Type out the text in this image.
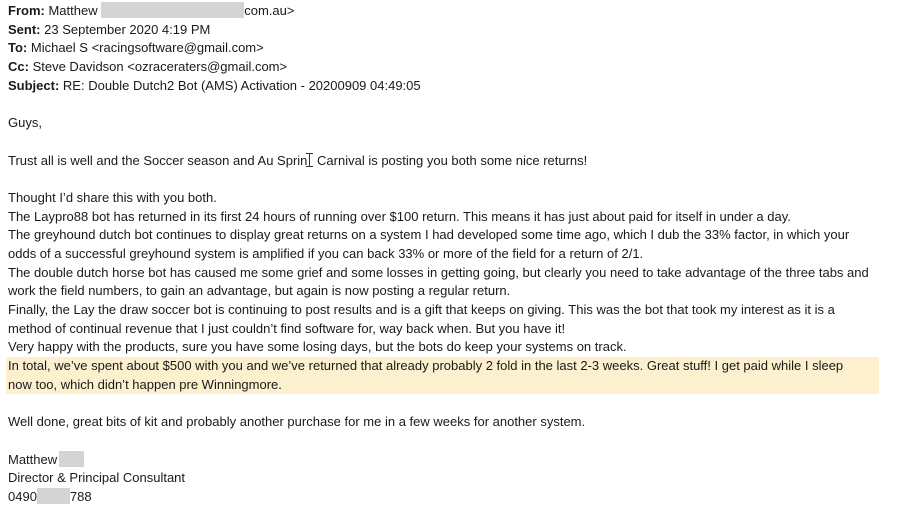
From: Matthew	com.au>
Sent: 23 September 2020 4:19 PM
To: Michael S <racingsoftware@gmail.com>
Cc: Steve Davidson <ozraceraters@gmail.com>
Subject: RE: Double Dutch2 Bot (AMS) Activation - 20200909 04:49:05
Guys,
Trust all is well and the Soccer season and Au Sprin Carnival is posting you both some nice returns!
Thought I’d share this with you both.
The Laypro88 bot has returned in its first 24 hours of running over $100 return. This means it has just about paid for itself in under a day.
The greyhound dutch bot continues to display great returns on a system I had developed some time ago, which I dub the 33% factor, in which your
odds of a successful greyhound system is amplified if you can back 33% or more of the field for a return of 2/1.
The double dutch horse bot has caused me some grief and some losses in getting going, but clearly you need to take advantage of the three tabs and
work the field numbers, to gain an advantage, but again is now posting a regular return.
Finally, the Lay the draw soccer bot is continuing to post results and is a gift that keeps on giving. This was the bot that took my interest as it is a
method of continual revenue that I just couldn’t find software for, way back when. But you have it!
Very happy with the products, sure you have some losing days, but the bots do keep your systems on track.
In total, we’ve spent about $500 with you and we’ve returned that already probably 2 fold in the last 2-3 weeks. Great stuff! I get paid while I sleep
now too, which didn’t happen pre Winningmore.
Well done, great bits of kit and probably another purchase for me in a few weeks for another system.
Matthew
Director & Principal Consultant
0490	788
